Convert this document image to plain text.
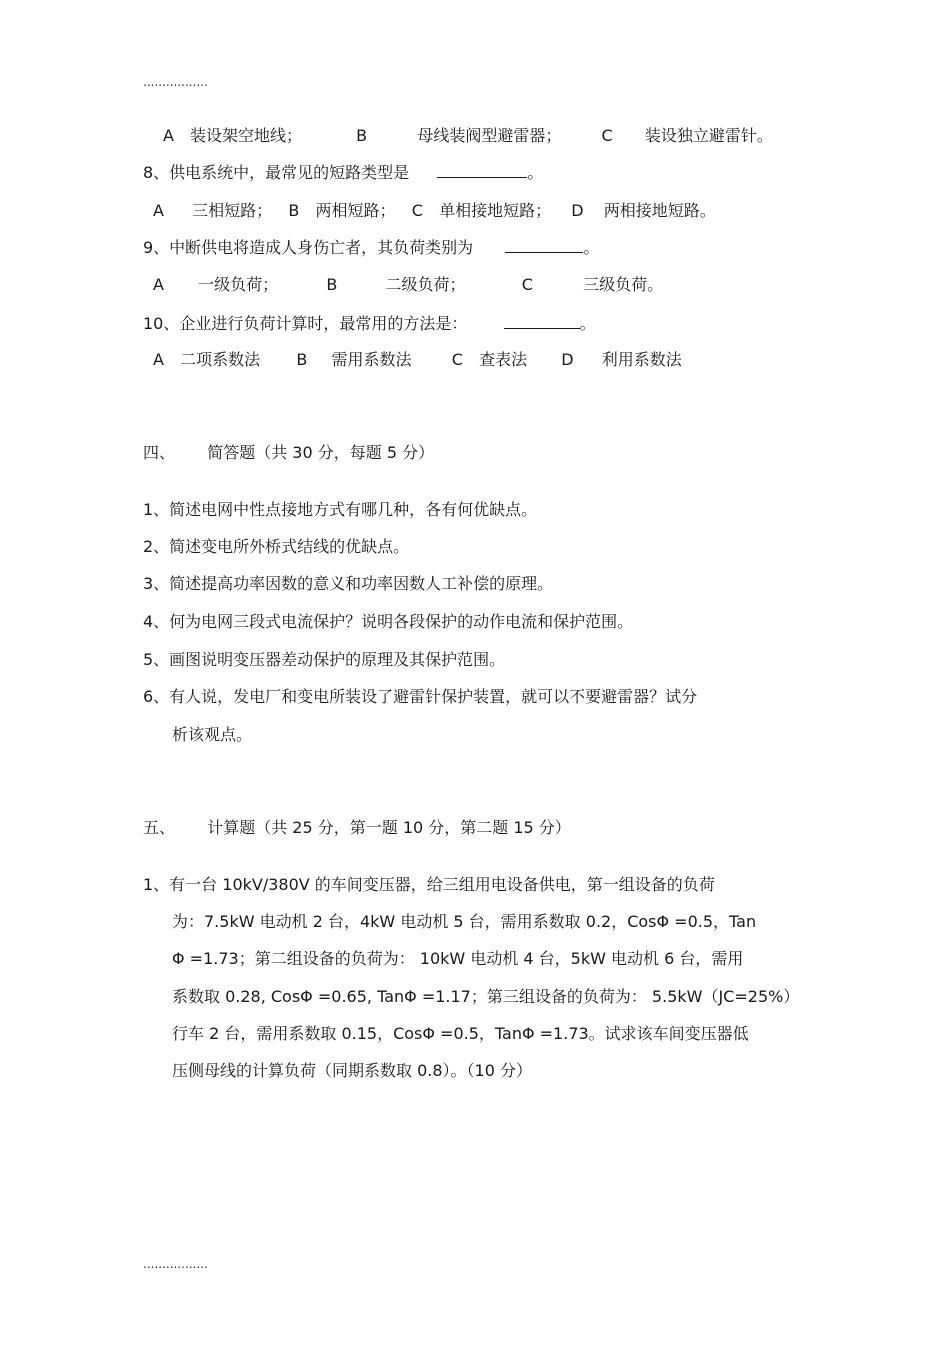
.................
A　装设架空地线；	B	母线装阀型避雷器；	C 装设独立避雷针。
8、供电系统中，最常见的短路类型是	。
A 三相短路； B 两相短路； C 单相接地短路； D 两相接地短路。
9、中断供电将造成人身伤亡者，其负荷类别为	。
A 一级负荷；	B	二级负荷；	C	三级负荷。
10、企业进行负荷计算时，最常用的方法是：	。
A 二项系数法 B 需用系数法	C 查表法 D 利用系数法
四、 简答题（共 30 分，每题 5 分）
1、简述电网中性点接地方式有哪几种，各有何优缺点。
2、简述变电所外桥式结线的优缺点。
3、简述提高功率因数的意义和功率因数人工补偿的原理。
4、何为电网三段式电流保护？说明各段保护的动作电流和保护范围。
5、画图说明变压器差动保护的原理及其保护范围。
6、有人说，发电厂和变电所装设了避雷针保护装置，就可以不要避雷器？试分
析该观点。
五、 计算题（共 25 分，第一题 10 分，第二题 15 分）
1、有一台 10kV/380V 的车间变压器，给三组用电设备供电，第一组设备的负荷
为：7.5kW 电动机 2 台，4kW 电动机 5 台，需用系数取 0.2，CosΦ =0.5，Tan
Φ =1.73；第二组设备的负荷为： 10kW 电动机 4 台，5kW 电动机 6 台，需用
系数取 0.28, CosΦ =0.65, TanΦ =1.17；第三组设备的负荷为： 5.5kW（JC=25%）
行车 2 台，需用系数取 0.15，CosΦ =0.5，TanΦ =1.73。试求该车间变压器低
压侧母线的计算负荷（同期系数取 0.8）。（10 分）
.................
